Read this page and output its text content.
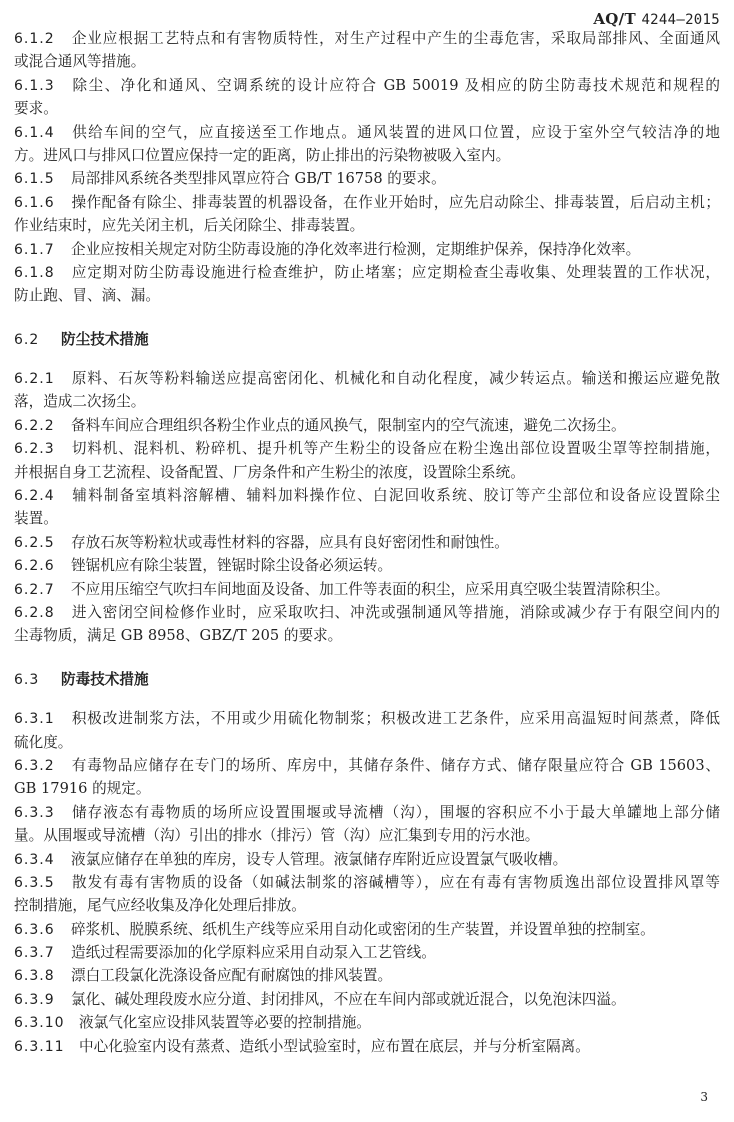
AQ/T 4244—2015
6.1.2 企业应根据工艺特点和有害物质特性，对生产过程中产生的尘毒危害，采取局部排风、全面通风
或混合通风等措施。
6.1.3 除尘、净化和通风、空调系统的设计应符合 GB 50019 及相应的防尘防毒技术规范和规程的
要求。
6.1.4 供给车间的空气，应直接送至工作地点。通风装置的进风口位置，应设于室外空气较洁净的地
方。进风口与排风口位置应保持一定的距离，防止排出的污染物被吸入室内。
6.1.5 局部排风系统各类型排风罩应符合 GB/T 16758 的要求。
6.1.6 操作配备有除尘、排毒装置的机器设备，在作业开始时，应先启动除尘、排毒装置，后启动主机；
作业结束时，应先关闭主机，后关闭除尘、排毒装置。
6.1.7 企业应按相关规定对防尘防毒设施的净化效率进行检测，定期维护保养，保持净化效率。
6.1.8 应定期对防尘防毒设施进行检查维护，防止堵塞；应定期检查尘毒收集、处理装置的工作状况，
防止跑、冒、滴、漏。
6.2 防尘技术措施
6.2.1 原料、石灰等粉料输送应提高密闭化、机械化和自动化程度，减少转运点。输送和搬运应避免散
落，造成二次扬尘。
6.2.2 备料车间应合理组织各粉尘作业点的通风换气，限制室内的空气流速，避免二次扬尘。
6.2.3 切料机、混料机、粉碎机、提升机等产生粉尘的设备应在粉尘逸出部位设置吸尘罩等控制措施，
并根据自身工艺流程、设备配置、厂房条件和产生粉尘的浓度，设置除尘系统。
6.2.4 辅料制备室填料溶解槽、辅料加料操作位、白泥回收系统、胶订等产尘部位和设备应设置除尘
装置。
6.2.5 存放石灰等粉粒状或毒性材料的容器，应具有良好密闭性和耐蚀性。
6.2.6 锉锯机应有除尘装置，锉锯时除尘设备必须运转。
6.2.7 不应用压缩空气吹扫车间地面及设备、加工件等表面的积尘，应采用真空吸尘装置清除积尘。
6.2.8 进入密闭空间检修作业时，应采取吹扫、冲洗或强制通风等措施，消除或减少存于有限空间内的
尘毒物质，满足 GB 8958、GBZ/T 205 的要求。
6.3 防毒技术措施
6.3.1 积极改进制浆方法，不用或少用硫化物制浆；积极改进工艺条件，应采用高温短时间蒸煮，降低
硫化度。
6.3.2 有毒物品应储存在专门的场所、库房中，其储存条件、储存方式、储存限量应符合 GB 15603、
GB 17916 的规定。
6.3.3 储存液态有毒物质的场所应设置围堰或导流槽（沟），围堰的容积应不小于最大单罐地上部分储
量。从围堰或导流槽（沟）引出的排水（排污）管（沟）应汇集到专用的污水池。
6.3.4 液氯应储存在单独的库房，设专人管理。液氯储存库附近应设置氯气吸收槽。
6.3.5 散发有毒有害物质的设备（如碱法制浆的溶碱槽等），应在有毒有害物质逸出部位设置排风罩等
控制措施，尾气应经收集及净化处理后排放。
6.3.6 碎浆机、脱膜系统、纸机生产线等应采用自动化或密闭的生产装置，并设置单独的控制室。
6.3.7 造纸过程需要添加的化学原料应采用自动泵入工艺管线。
6.3.8 漂白工段氯化洗涤设备应配有耐腐蚀的排风装置。
6.3.9 氯化、碱处理段废水应分道、封闭排风，不应在车间内部或就近混合，以免泡沫四溢。
6.3.10 液氯气化室应设排风装置等必要的控制措施。
6.3.11 中心化验室内设有蒸煮、造纸小型试验室时，应布置在底层，并与分析室隔离。
3
